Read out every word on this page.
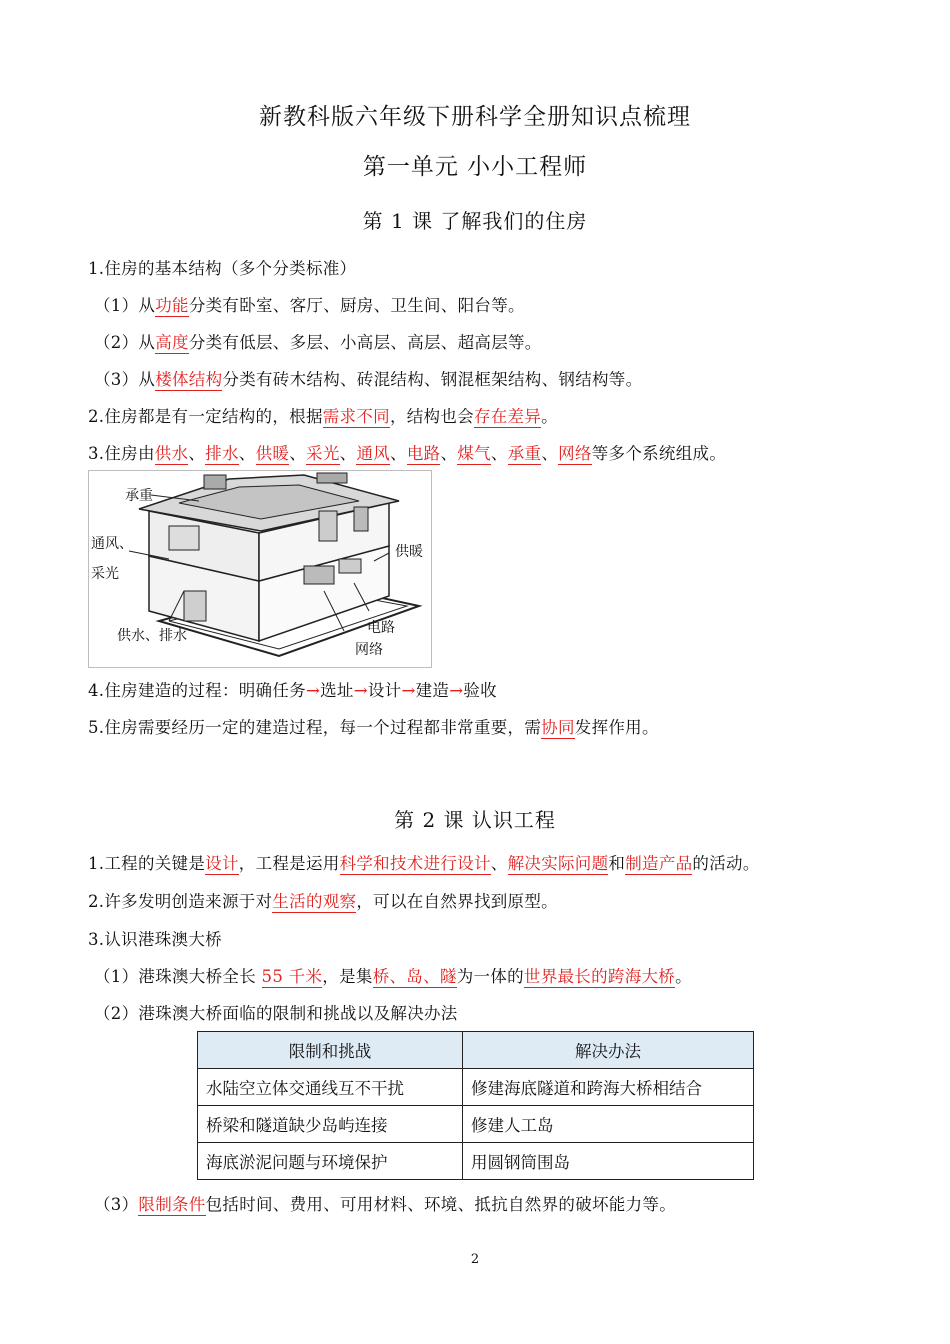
新教科版六年级下册科学全册知识点梳理
第一单元 小小工程师
第 1 课 了解我们的住房
1.住房的基本结构（多个分类标准）
（1）从功能分类有卧室、客厅、厨房、卫生间、阳台等。
（2）从高度分类有低层、多层、小高层、高层、超高层等。
（3）从楼体结构分类有砖木结构、砖混结构、钢混框架结构、钢结构等。
2.住房都是有一定结构的，根据需求不同，结构也会存在差异。
3.住房由供水、排水、供暖、采光、通风、电路、煤气、承重、网络等多个系统组成。
承重
通风、
采光
供水、排水
网络
电路
供暖
4.住房建造的过程：明确任务→选址→设计→建造→验收
5.住房需要经历一定的建造过程，每一个过程都非常重要，需协同发挥作用。
第 2 课 认识工程
1.工程的关键是设计，工程是运用科学和技术进行设计、解决实际问题和制造产品的活动。
2.许多发明创造来源于对生活的观察，可以在自然界找到原型。
3.认识港珠澳大桥
（1）港珠澳大桥全长 55 千米，是集桥、岛、隧为一体的世界最长的跨海大桥。
（2）港珠澳大桥面临的限制和挑战以及解决办法
限制和挑战	解决办法
水陆空立体交通线互不干扰	修建海底隧道和跨海大桥相结合
桥梁和隧道缺少岛屿连接	修建人工岛
海底淤泥问题与环境保护	用圆钢筒围岛
（3）限制条件包括时间、费用、可用材料、环境、抵抗自然界的破坏能力等。
2
